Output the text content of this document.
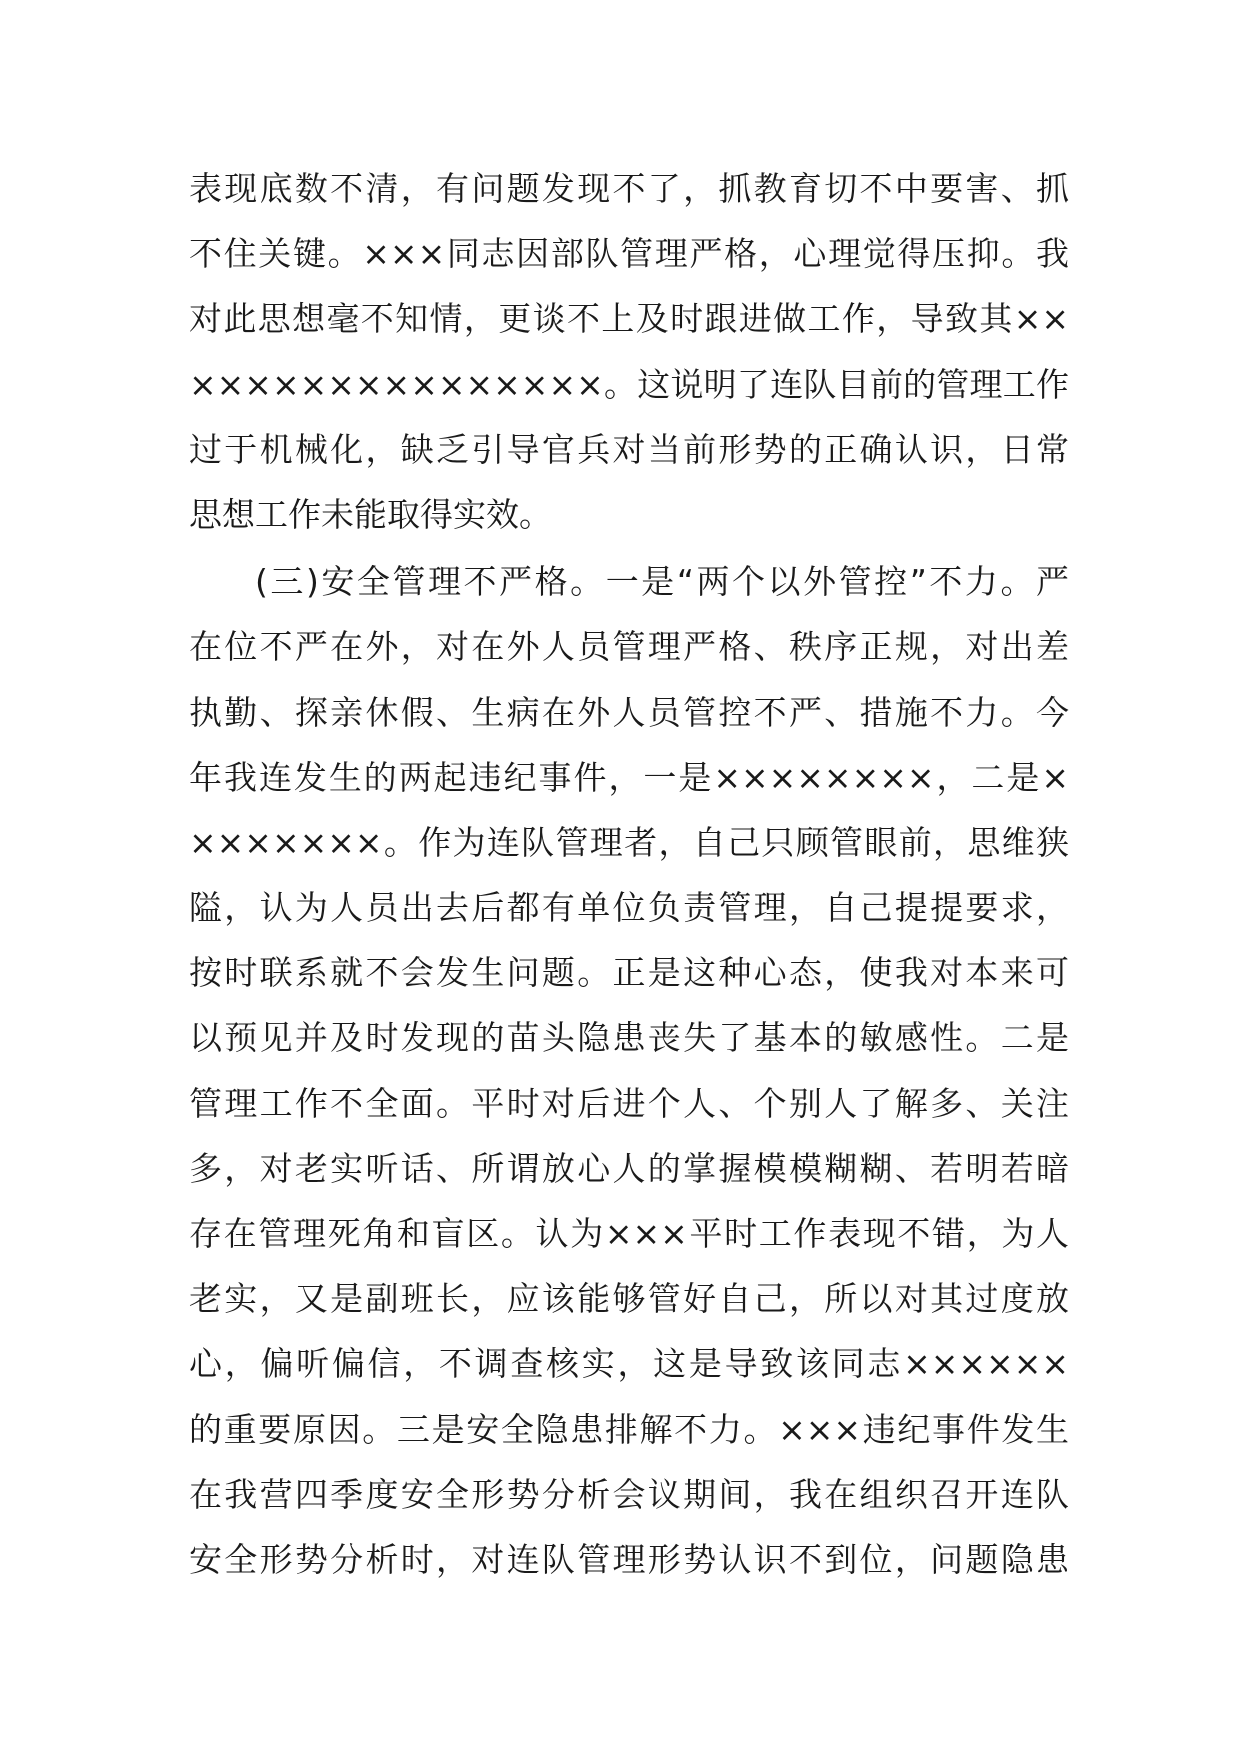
表现底数不清，有问题发现不了，抓教育切不中要害、抓
不住关键。×××同志因部队管理严格，心理觉得压抑。我
对此思想毫不知情，更谈不上及时跟进做工作，导致其××
×××××××××××××××。这说明了连队目前的管理工作
过于机械化，缺乏引导官兵对当前形势的正确认识，日常
思想工作未能取得实效。
(三)安全管理不严格。一是“两个以外管控”不力。严
在位不严在外，对在外人员管理严格、秩序正规，对出差
执勤、探亲休假、生病在外人员管控不严、措施不力。今
年我连发生的两起违纪事件，一是××××××××，二是×
×××××××。作为连队管理者，自己只顾管眼前，思维狭
隘，认为人员出去后都有单位负责管理，自己提提要求，
按时联系就不会发生问题。正是这种心态，使我对本来可
以预见并及时发现的苗头隐患丧失了基本的敏感性。二是
管理工作不全面。平时对后进个人、个别人了解多、关注
多，对老实听话、所谓放心人的掌握模模糊糊、若明若暗
存在管理死角和盲区。认为×××平时工作表现不错，为人
老实，又是副班长，应该能够管好自己，所以对其过度放
心，偏听偏信，不调查核实，这是导致该同志××××××
的重要原因。三是安全隐患排解不力。×××违纪事件发生
在我营四季度安全形势分析会议期间，我在组织召开连队
安全形势分析时，对连队管理形势认识不到位，问题隐患
